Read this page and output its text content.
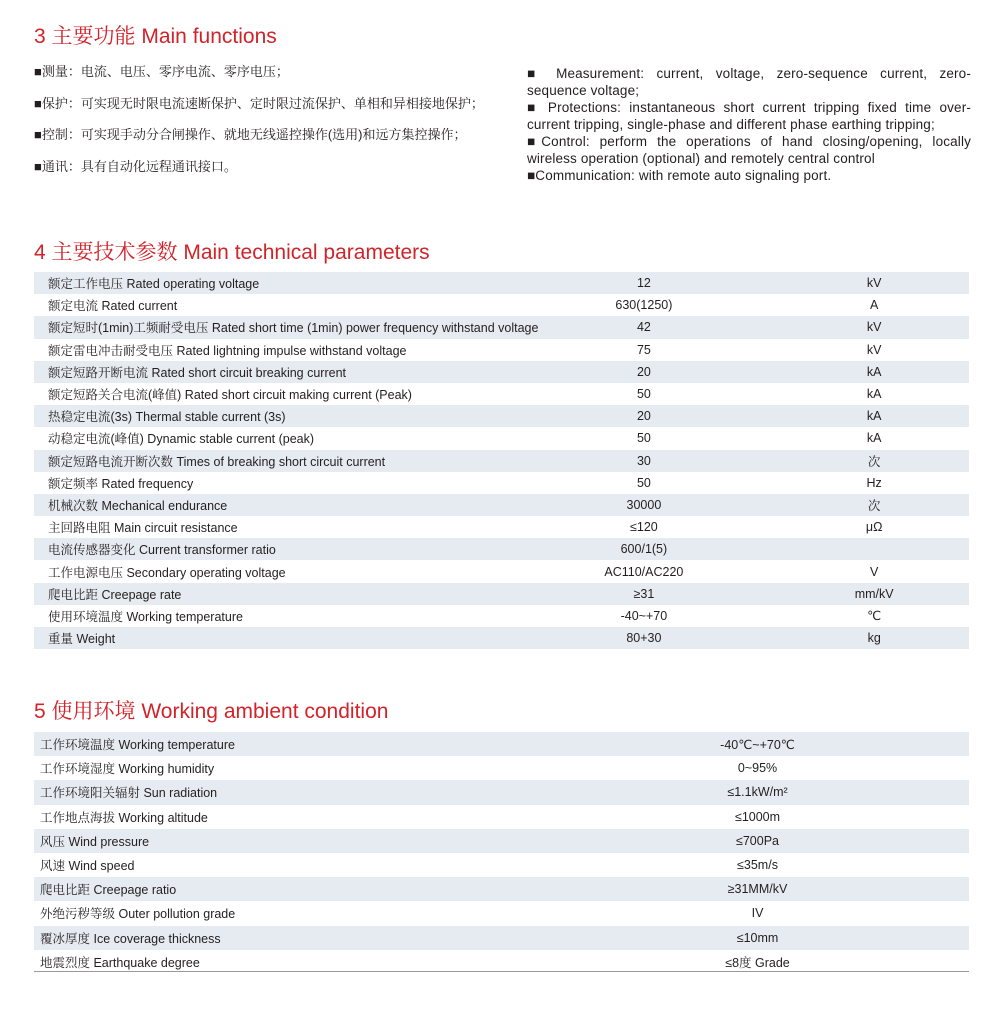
3 主要功能 Main functions
■测量：电流、电压、零序电流、零序电压；
■保护：可实现无时限电流速断保护、定时限过流保护、单相和异相接地保护；
■控制：可实现手动分合闸操作、就地无线遥控操作(选用)和远方集控操作；
■通讯：具有自动化远程通讯接口。
■ Measurement: current, voltage, zero-sequence current, zero-sequence voltage;
■ Protections: instantaneous short current tripping fixed time over-current tripping, single-phase and different phase earthing tripping;
■Control: perform the operations of hand closing/opening, locally wireless operation (optional) and remotely central control
■Communication: with remote auto signaling port.
4 主要技术参数 Main technical parameters
额定工作电压 Rated operating voltage	12	kV
额定电流 Rated current	630(1250)	A
额定短时(1min)工频耐受电压 Rated short time (1min) power frequency withstand voltage	42	kV
额定雷电冲击耐受电压 Rated lightning impulse withstand voltage	75	kV
额定短路开断电流 Rated short circuit breaking current	20	kA
额定短路关合电流(峰值) Rated short circuit making current (Peak)	50	kA
热稳定电流(3s) Thermal stable current (3s)	20	kA
动稳定电流(峰值) Dynamic stable current (peak)	50	kA
额定短路电流开断次数 Times of breaking short circuit current	30	次
额定频率 Rated frequency	50	Hz
机械次数 Mechanical endurance	30000	次
主回路电阻 Main circuit resistance	≤120	μΩ
电流传感器变化 Current transformer ratio	600/1(5)	
工作电源电压 Secondary operating voltage	AC110/AC220	V
爬电比距 Creepage rate	≥31	mm/kV
使用环境温度 Working temperature	-40~+70	℃
重量 Weight	80+30	kg
5 使用环境 Working ambient condition
工作环境温度 Working temperature	-40℃~+70℃
工作环境湿度 Working humidity	0~95%
工作环境阳关辐射 Sun radiation	≤1.1kW/m²
工作地点海拔 Working altitude	≤1000m
风压 Wind pressure	≤700Pa
风速 Wind speed	≤35m/s
爬电比距 Creepage ratio	≥31MM/kV
外绝污秽等级 Outer pollution grade	IV
覆冰厚度 Ice coverage thickness	≤10mm
地震烈度 Earthquake degree	≤8度 Grade
